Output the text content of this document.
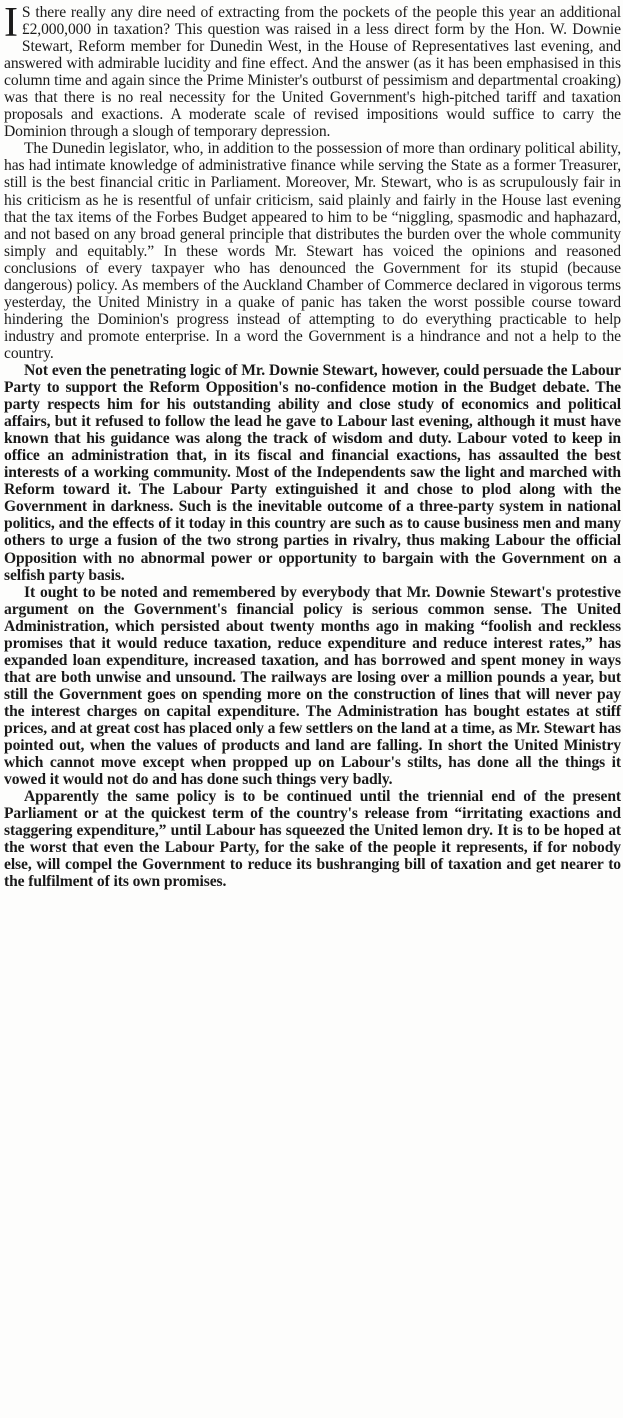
I S there really any dire need of extracting from the pockets of the people this year an additional £2,000,000 in taxation? This question was raised in a less direct form by the Hon. W. Downie Stewart, Reform member for Dunedin West, in the House of Representatives last evening, and answered with admirable lucidity and fine effect. And the answer (as it has been emphasised in this column time and again since the Prime Minister's outburst of pessimism and departmental croaking) was that there is no real necessity for the United Government's high-pitched tariff and taxation proposals and exactions. A moderate scale of revised impositions would suffice to carry the Dominion through a slough of temporary depression.

The Dunedin legislator, who, in addition to the possession of more than ordinary political ability, has had intimate knowledge of administrative finance while serving the State as a former Treasurer, still is the best financial critic in Parliament. Moreover, Mr. Stewart, who is as scrupulously fair in his criticism as he is resentful of unfair criticism, said plainly and fairly in the House last evening that the tax items of the Forbes Budget appeared to him to be “niggling, spasmodic and haphazard, and not based on any broad general principle that distributes the burden over the whole community simply and equitably.” In these words Mr. Stewart has voiced the opinions and reasoned conclusions of every taxpayer who has denounced the Government for its stupid (because dangerous) policy. As members of the Auckland Chamber of Commerce declared in vigorous terms yesterday, the United Ministry in a quake of panic has taken the worst possible course toward hindering the Dominion's progress instead of attempting to do everything practicable to help industry and promote enterprise. In a word the Government is a hindrance and not a help to the country.

Not even the penetrating logic of Mr. Downie Stewart, however, could persuade the Labour Party to support the Reform Opposition's no-confidence motion in the Budget debate. The party respects him for his outstanding ability and close study of economics and political affairs, but it refused to follow the lead he gave to Labour last evening, although it must have known that his guidance was along the track of wisdom and duty. Labour voted to keep in office an administration that, in its fiscal and financial exactions, has assaulted the best interests of a working community. Most of the Independents saw the light and marched with Reform toward it. The Labour Party extinguished it and chose to plod along with the Government in darkness. Such is the inevitable outcome of a three-party system in national politics, and the effects of it today in this country are such as to cause business men and many others to urge a fusion of the two strong parties in rivalry, thus making Labour the official Opposition with no abnormal power or opportunity to bargain with the Government on a selfish party basis.

It ought to be noted and remembered by everybody that Mr. Downie Stewart's protestive argument on the Government's financial policy is serious common sense. The United Administration, which persisted about twenty months ago in making “foolish and reckless promises that it would reduce taxation, reduce expenditure and reduce interest rates,” has expanded loan expenditure, increased taxation, and has borrowed and spent money in ways that are both unwise and unsound. The railways are losing over a million pounds a year, but still the Government goes on spending more on the construction of lines that will never pay the interest charges on capital expenditure. The Administration has bought estates at stiff prices, and at great cost has placed only a few settlers on the land at a time, as Mr. Stewart has pointed out, when the values of products and land are falling. In short the United Ministry which cannot move except when propped up on Labour's stilts, has done all the things it vowed it would not do and has done such things very badly.

Apparently the same policy is to be continued until the triennial end of the present Parliament or at the quickest term of the country's release from “irritating exactions and staggering expenditure,” until Labour has squeezed the United lemon dry. It is to be hoped at the worst that even the Labour Party, for the sake of the people it represents, if for nobody else, will compel the Government to reduce its bushranging bill of taxation and get nearer to the fulfilment of its own promises.
